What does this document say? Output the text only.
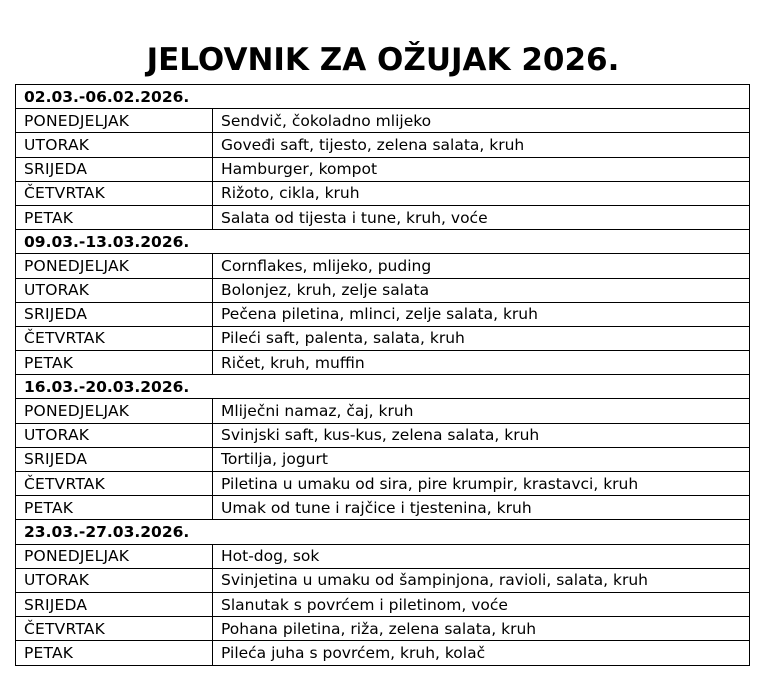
JELOVNIK ZA OŽUJAK 2026.
02.03.-06.02.2026.	
PONEDJELJAK	Sendvič, čokoladno mlijeko
UTORAK	Goveđi saft, tijesto, zelena salata, kruh
SRIJEDA	Hamburger, kompot
ČETVRTAK	Rižoto, cikla, kruh
PETAK	Salata od tijesta i tune, kruh, voće
09.03.-13.03.2026.	
PONEDJELJAK	Cornflakes, mlijeko, puding
UTORAK	Bolonjez, kruh, zelje salata
SRIJEDA	Pečena piletina, mlinci, zelje salata, kruh
ČETVRTAK	Pileći saft, palenta, salata, kruh
PETAK	Ričet, kruh, muffin
16.03.-20.03.2026.	
PONEDJELJAK	Mliječni namaz, čaj, kruh
UTORAK	Svinjski saft, kus-kus, zelena salata, kruh
SRIJEDA	Tortilja, jogurt
ČETVRTAK	Piletina u umaku od sira, pire krumpir, krastavci, kruh
PETAK	Umak od tune i rajčice i tjestenina, kruh
23.03.-27.03.2026.	
PONEDJELJAK	Hot-dog, sok
UTORAK	Svinjetina u umaku od šampinjona, ravioli, salata, kruh
SRIJEDA	Slanutak s povrćem i piletinom, voće
ČETVRTAK	Pohana piletina, riža, zelena salata, kruh
PETAK	Pileća juha s povrćem, kruh, kolač
